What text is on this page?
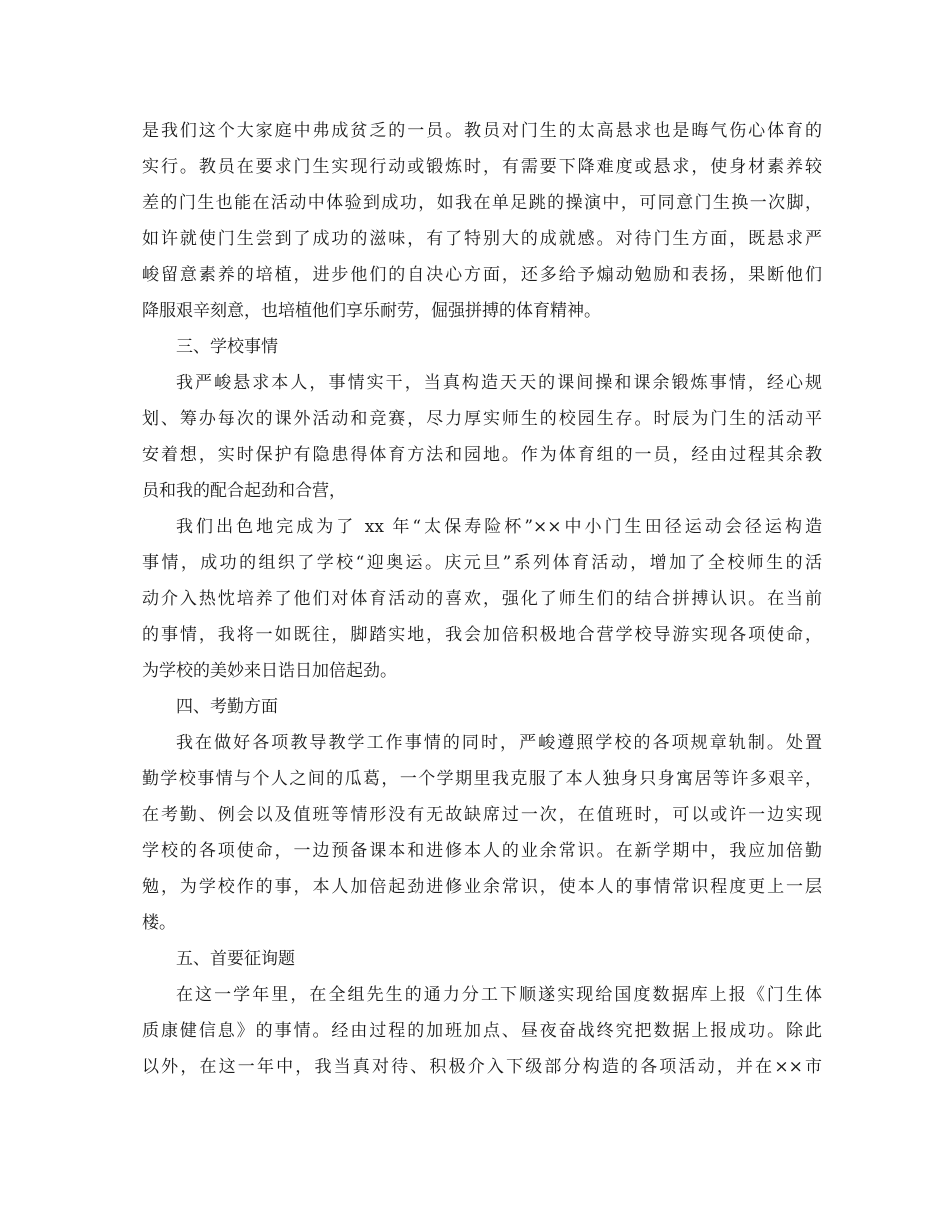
是我们这个大家庭中弗成贫乏的一员。教员对门生的太高悬求也是晦气伤心体育的
实行。教员在要求门生实现行动或锻炼时，有需要下降难度或悬求，使身材素养较
差的门生也能在活动中体验到成功，如我在单足跳的操演中，可同意门生换一次脚，
如许就使门生尝到了成功的滋味，有了特别大的成就感。对待门生方面，既悬求严
峻留意素养的培植，进步他们的自决心方面，还多给予煽动勉励和表扬，果断他们
降服艰辛刻意，也培植他们享乐耐劳，倔强拼搏的体育精神。
三、学校事情
我严峻悬求本人，事情实干，当真构造天天的课间操和课余锻炼事情，经心规
划、筹办每次的课外活动和竞赛，尽力厚实师生的校园生存。时辰为门生的活动平
安着想，实时保护有隐患得体育方法和园地。作为体育组的一员，经由过程其余教
员和我的配合起劲和合营，
我们出色地完成为了 xx 年“太保寿险杯”××中小门生田径运动会径运构造
事情，成功的组织了学校“迎奥运。庆元旦”系列体育活动，增加了全校师生的活
动介入热忱培养了他们对体育活动的喜欢，强化了师生们的结合拼搏认识。在当前
的事情，我将一如既往，脚踏实地，我会加倍积极地合营学校导游实现各项使命，
为学校的美妙来日诰日加倍起劲。
四、考勤方面
我在做好各项教导教学工作事情的同时，严峻遵照学校的各项规章轨制。处置
勤学校事情与个人之间的瓜葛，一个学期里我克服了本人独身只身寓居等许多艰辛，
在考勤、例会以及值班等情形没有无故缺席过一次，在值班时，可以或许一边实现
学校的各项使命，一边预备课本和进修本人的业余常识。在新学期中，我应加倍勤
勉，为学校作的事，本人加倍起劲进修业余常识，使本人的事情常识程度更上一层
楼。
五、首要征询题
在这一学年里，在全组先生的通力分工下顺遂实现给国度数据库上报《门生体
质康健信息》的事情。经由过程的加班加点、昼夜奋战终究把数据上报成功。除此
以外，在这一年中，我当真对待、积极介入下级部分构造的各项活动，并在××市
